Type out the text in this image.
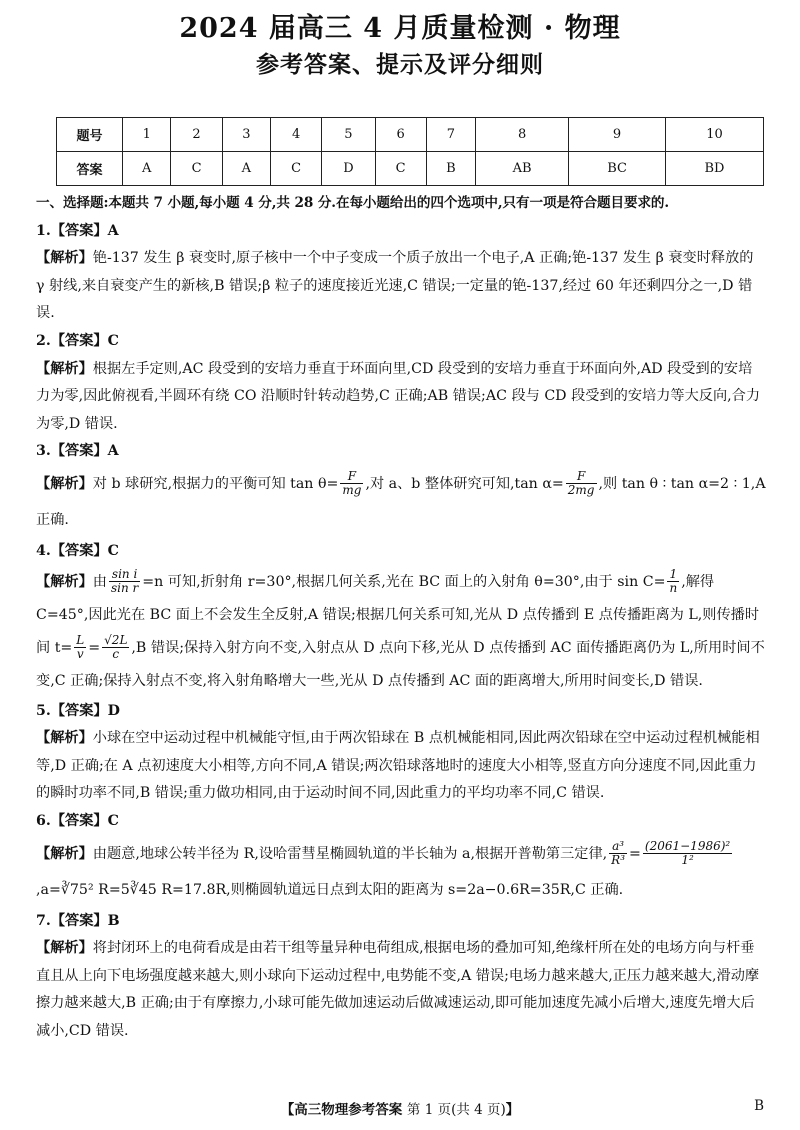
2024 届高三 4 月质量检测 · 物理
参考答案、提示及评分细则
题号	1	2	3	4	5	6	7	8	9	10
答案	A	C	A	C	D	C	B	AB	BC	BD

一、选择题:本题共 7 小题,每小题 4 分,共 28 分.在每小题给出的四个选项中,只有一项是符合题目要求的.

1.【答案】A

【解析】铯-137 发生 β 衰变时,原子核中一个中子变成一个质子放出一个电子,A 正确;铯-137 发生 β 衰变时释放的 γ 射线,来自衰变产生的新核,B 错误;β 粒子的速度接近光速,C 错误;一定量的铯-137,经过 60 年还剩四分之一,D 错误.

2.【答案】C

【解析】根据左手定则,AC 段受到的安培力垂直于环面向里,CD 段受到的安培力垂直于环面向外,AD 段受到的安培力为零,因此俯视看,半圆环有绕 CO 沿顺时针转动趋势,C 正确;AB 错误;AC 段与 CD 段受到的安培力等大反向,合力为零,D 错误.

3.【答案】A

【解析】对 b 球研究,根据力的平衡可知 $\tan \theta= \frac{F}{mg}$ ,对 a、b 整体研究可知,tan $\alpha= \frac{F}{2mg}$ ,则 tan θ ∶ tan α=2 ∶ 1,A 正确.

4.【答案】C

【解析】由 $\frac{\text{sin i}}{\text{sin r}} =n$ 可知,折射角 r=30°,根据几何关系,光在 BC 面上的入射角 θ=30°,由于 $\sin C= \frac{1}{n}$ ,解得 C=45°,因此光在 BC 面上不会发生全反射,A 错误;根据几何关系可知,光从 D 点传播到 E 点传播距离为 L,则传播时间 $t= \frac{L}{v} = \frac{√2L}{c} ,B$ 错误;保持入射方向不变,入射点从 D 点向下移,光从 D 点传播到 AC 面传播距离仍为 L,所用时间不变,C 正确;保持入射点不变,将入射角略增大一些,光从 D 点传播到 AC 面的距离增大,所用时间变长,D 错误.

5.【答案】D

【解析】小球在空中运动过程中机械能守恒,由于两次铅球在 B 点机械能相同,因此两次铅球在空中运动过程机械能相等,D 正确;在 A 点初速度大小相等,方向不同,A 错误;两次铅球落地时的速度大小相等,竖直方向分速度不同,因此重力的瞬时功率不同,B 错误;重力做功相同,由于运动时间不同,因此重力的平均功率不同,C 错误.

6.【答案】C

【解析】由题意,地球公转半径为 R,设哈雷彗星椭圆轨道的半长轴为 a,根据开普勒第三定律, $\frac{\text{a³}}{\text{R³}} = \frac{\text{(2061−1986)²}}{\text{1²}}$
,a=∛75² R=5∛45 R=17.8R,则椭圆轨道远日点到太阳的距离为 s=2a−0.6R=35R,C 正确.

7.【答案】B

【解析】将封闭环上的电荷看成是由若干组等量异种电荷组成,根据电场的叠加可知,绝缘杆所在处的电场方向与杆垂直且从上向下电场强度越来越大,则小球向下运动过程中,电势能不变,A 错误;电场力越来越大,正压力越来越大,滑动摩擦力越来越大,B 正确;由于有摩擦力,小球可能先做加速运动后做减速运动,即可能加速度先减小后增大,速度先增大后减小,CD 错误.

【高三物理参考答案 第 1 页(共 4 页)】	B
